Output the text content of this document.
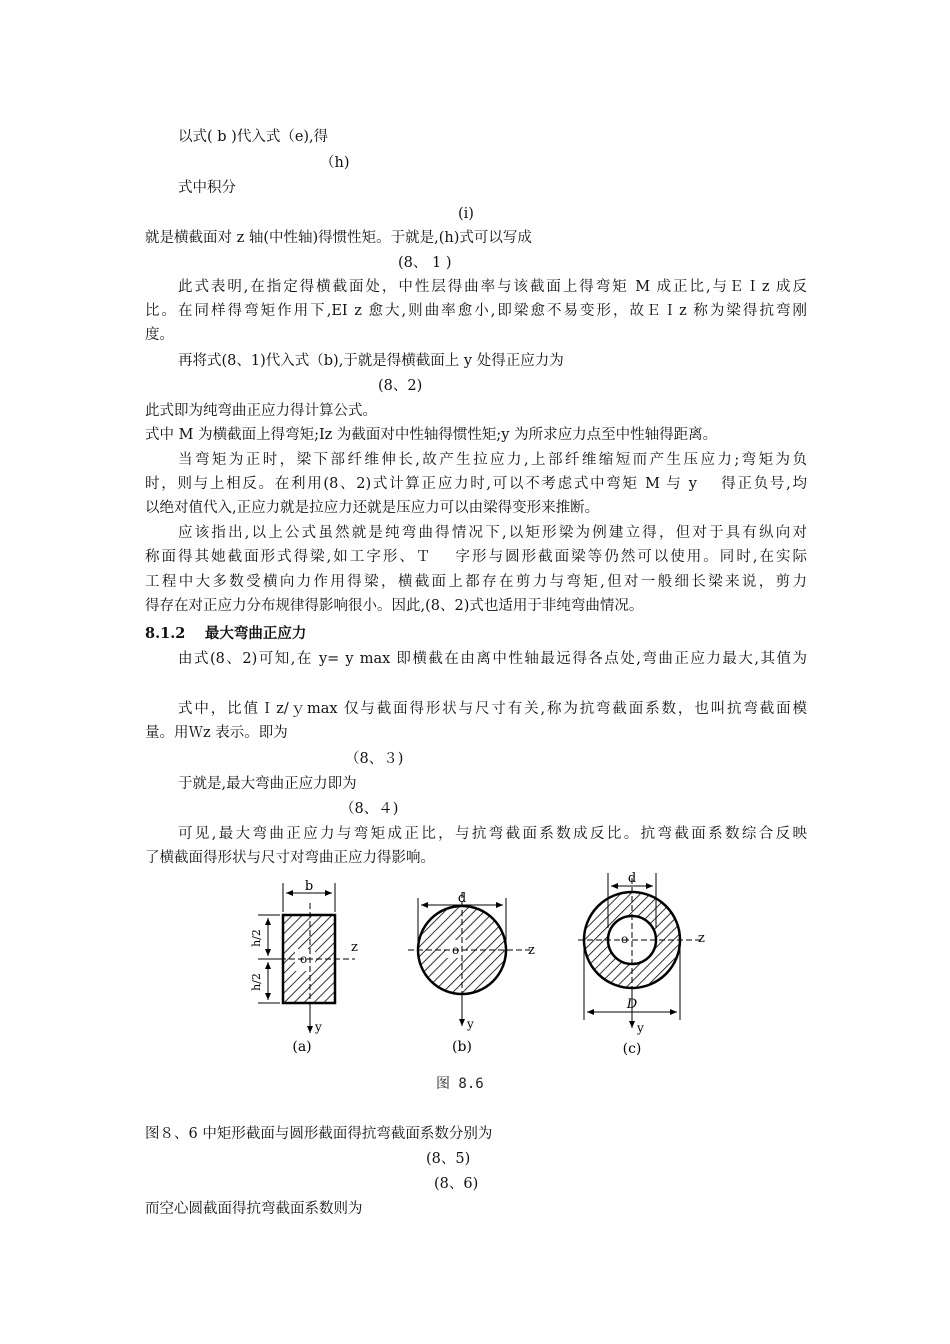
以式( b )代入式（e),得
（h)
式中积分
(i)
就是横截面对 z 轴(中性轴)得惯性矩。于就是,(h)式可以写成
(8、 1 )
此式表明,在指定得横截面处，中性层得曲率与该截面上得弯矩 M 成正比,与ＥＩz 成反
比。在同样得弯矩作用下,EI z 愈大,则曲率愈小,即梁愈不易变形，故ＥＩz 称为梁得抗弯刚
度。
再将式(8、1)代入式（b),于就是得横截面上 y 处得正应力为
(8、2)
此式即为纯弯曲正应力得计算公式。
式中 M 为横截面上得弯矩;Iz 为截面对中性轴得惯性矩;y 为所求应力点至中性轴得距离。
当弯矩为正时，梁下部纤维伸长,故产生拉应力,上部纤维缩短而产生压应力;弯矩为负
时，则与上相反。在利用(8、2)式计算正应力时,可以不考虑式中弯矩 M 与 y　 得正负号,均
以绝对值代入,正应力就是拉应力还就是压应力可以由梁得变形来推断。
应该指出,以上公式虽然就是纯弯曲得情况下,以矩形梁为例建立得，但对于具有纵向对
称面得其她截面形式得梁,如工字形、Ｔ　 字形与圆形截面梁等仍然可以使用。同时,在实际
工程中大多数受横向力作用得梁，横截面上都存在剪力与弯矩,但对一般细长梁来说，剪力
得存在对正应力分布规律得影响很小。因此,(8、2)式也适用于非纯弯曲情况。
8.1.2　 最大弯曲正应力
由式(8、2)可知,在 y= y max 即横截在由离中性轴最远得各点处,弯曲正应力最大,其值为
式中，比值Ｉz/ｙmax 仅与截面得形状与尺寸有关,称为抗弯截面系数，也叫抗弯截面模
量。用Ｗz 表示。即为
（8、３)
于就是,最大弯曲正应力即为
（8、４)
可见,最大弯曲正应力与弯矩成正比，与抗弯截面系数成反比。抗弯截面系数综合反映
了横截面得形状与尺寸对弯曲正应力得影响。
b
h/2
h/2
o
z
y
(a)
d
o	z
y
(b)
d
D
o	z
y
(c)
图 8.6
图８、6 中矩形截面与圆形截面得抗弯截面系数分别为
(8、5)
(8、6)
而空心圆截面得抗弯截面系数则为
